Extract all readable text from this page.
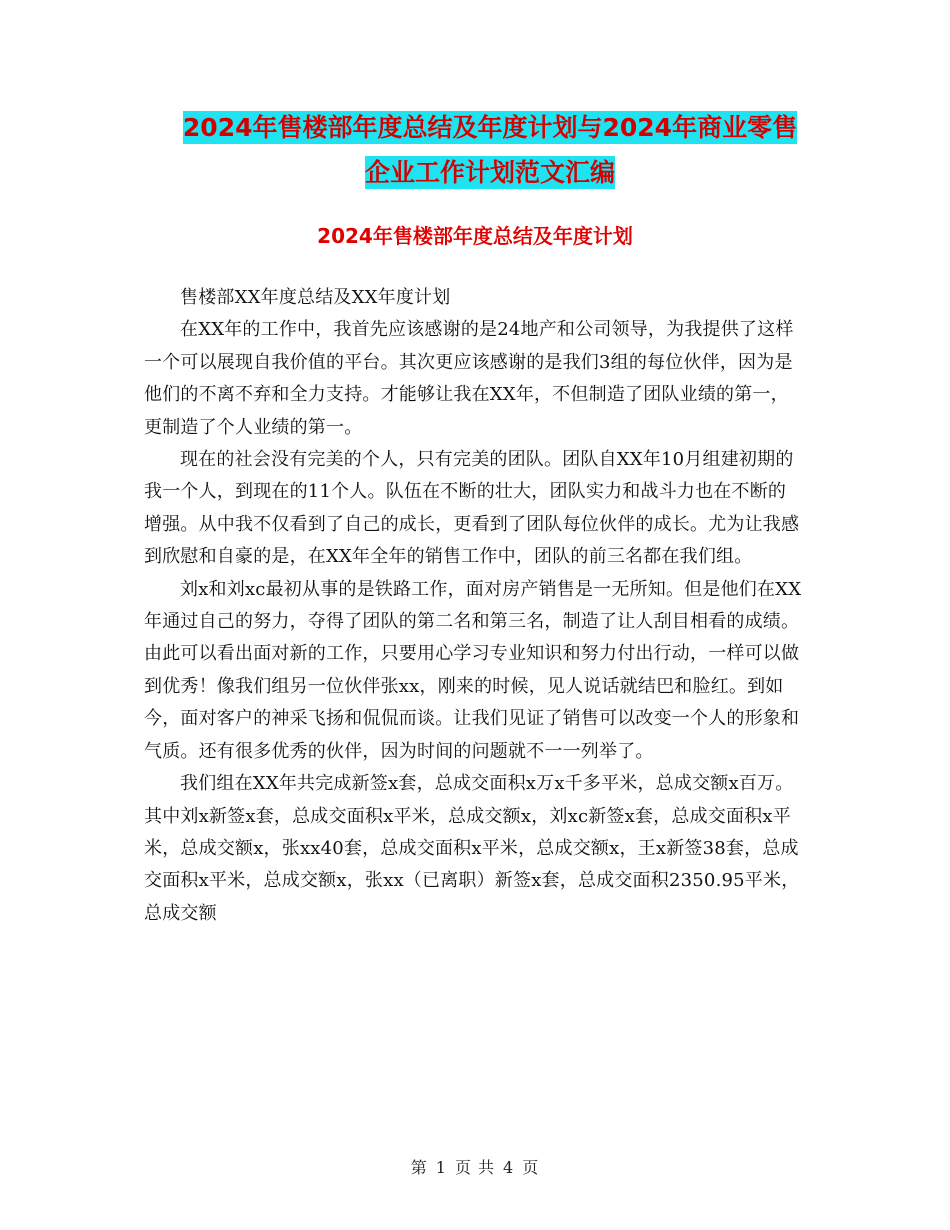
2024年售楼部年度总结及年度计划与2024年商业零售
企业工作计划范文汇编
2024年售楼部年度总结及年度计划

售楼部XX年度总结及XX年度计划

在XX年的工作中，我首先应该感谢的是24地产和公司领导，为我提供了这样一个可以展现自我价值的平台。其次更应该感谢的是我们3组的每位伙伴，因为是他们的不离不弃和全力支持。才能够让我在XX年，不但制造了团队业绩的第一，更制造了个人业绩的第一。

现在的社会没有完美的个人，只有完美的团队。团队自XX年10月组建初期的我一个人，到现在的11个人。队伍在不断的壮大，团队实力和战斗力也在不断的增强。从中我不仅看到了自己的成长，更看到了团队每位伙伴的成长。尤为让我感到欣慰和自豪的是，在XX年全年的销售工作中，团队的前三名都在我们组。

刘x和刘xc最初从事的是铁路工作，面对房产销售是一无所知。但是他们在XX年通过自己的努力，夺得了团队的第二名和第三名，制造了让人刮目相看的成绩。由此可以看出面对新的工作，只要用心学习专业知识和努力付出行动，一样可以做到优秀！像我们组另一位伙伴张xx，刚来的时候，见人说话就结巴和脸红。到如今，面对客户的神采飞扬和侃侃而谈。让我们见证了销售可以改变一个人的形象和气质。还有很多优秀的伙伴，因为时间的问题就不一一列举了。

我们组在XX年共完成新签x套，总成交面积x万x千多平米，总成交额x百万。其中刘x新签x套，总成交面积x平米，总成交额x，刘xc新签x套，总成交面积x平米，总成交额x，张xx40套，总成交面积x平米，总成交额x，王x新签38套，总成交面积x平米，总成交额x，张xx（已离职）新签x套，总成交面积2350.95平米，总成交额

第 1 页 共 4 页
